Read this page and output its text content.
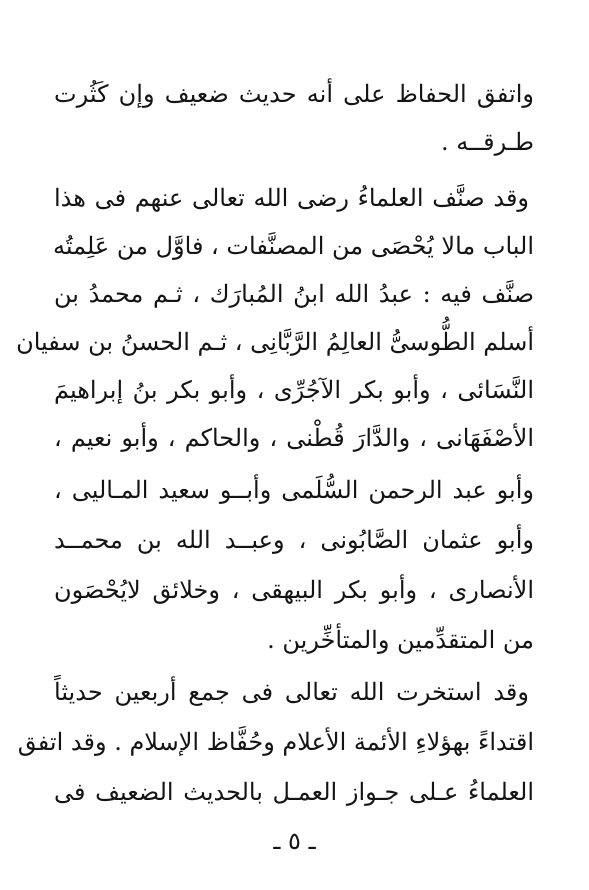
واتفق الحفاظ على أنه حديث ضعيف وإن كَثُرت
طـرقــه .
وقد صنَّف العلماءُ رضى الله تعالى عنهم فى هذا
الباب مالا يُحْصَى من المصنَّفات ، فاوَّل من عَلِمتُه
صنَّف فيه : عبدُ الله ابنُ المُبارَك ، ثـم محمدُ بن
أسلم الطُّوسىُّ العالِمُ الرَّبَّانِى ، ثـم الحسنُ بن سفيان
النَّسَائى ، وأبو بكر الآجُرِّى ، وأبو بكر بنُ إبراهيمَ
الأصْفَهَانى ، والدَّارَ قُطْنى ، والحاكم ، وأبو نعيم ،
وأبو عبد الرحمن السُّلَمى وأبــو سعيد المـاليى ،
وأبو عثمان الصَّابُونى ، وعبــد الله بن محمــد
الأنصارى ، وأبو بكر البيهقى ، وخلائق لايُحْصَون
من المتقدِّمين والمتأخِّرين .
وقد استخرت الله تعالى فى جمع أربعين حديثاً
اقتداءً بهؤلاءِ الأئمة الأعلام وحُفَّاظ الإسلام . وقد اتفق
العلماءُ عـلى جـواز العمـل بالحديث الضعيف فى
ـ ٥ ـ
